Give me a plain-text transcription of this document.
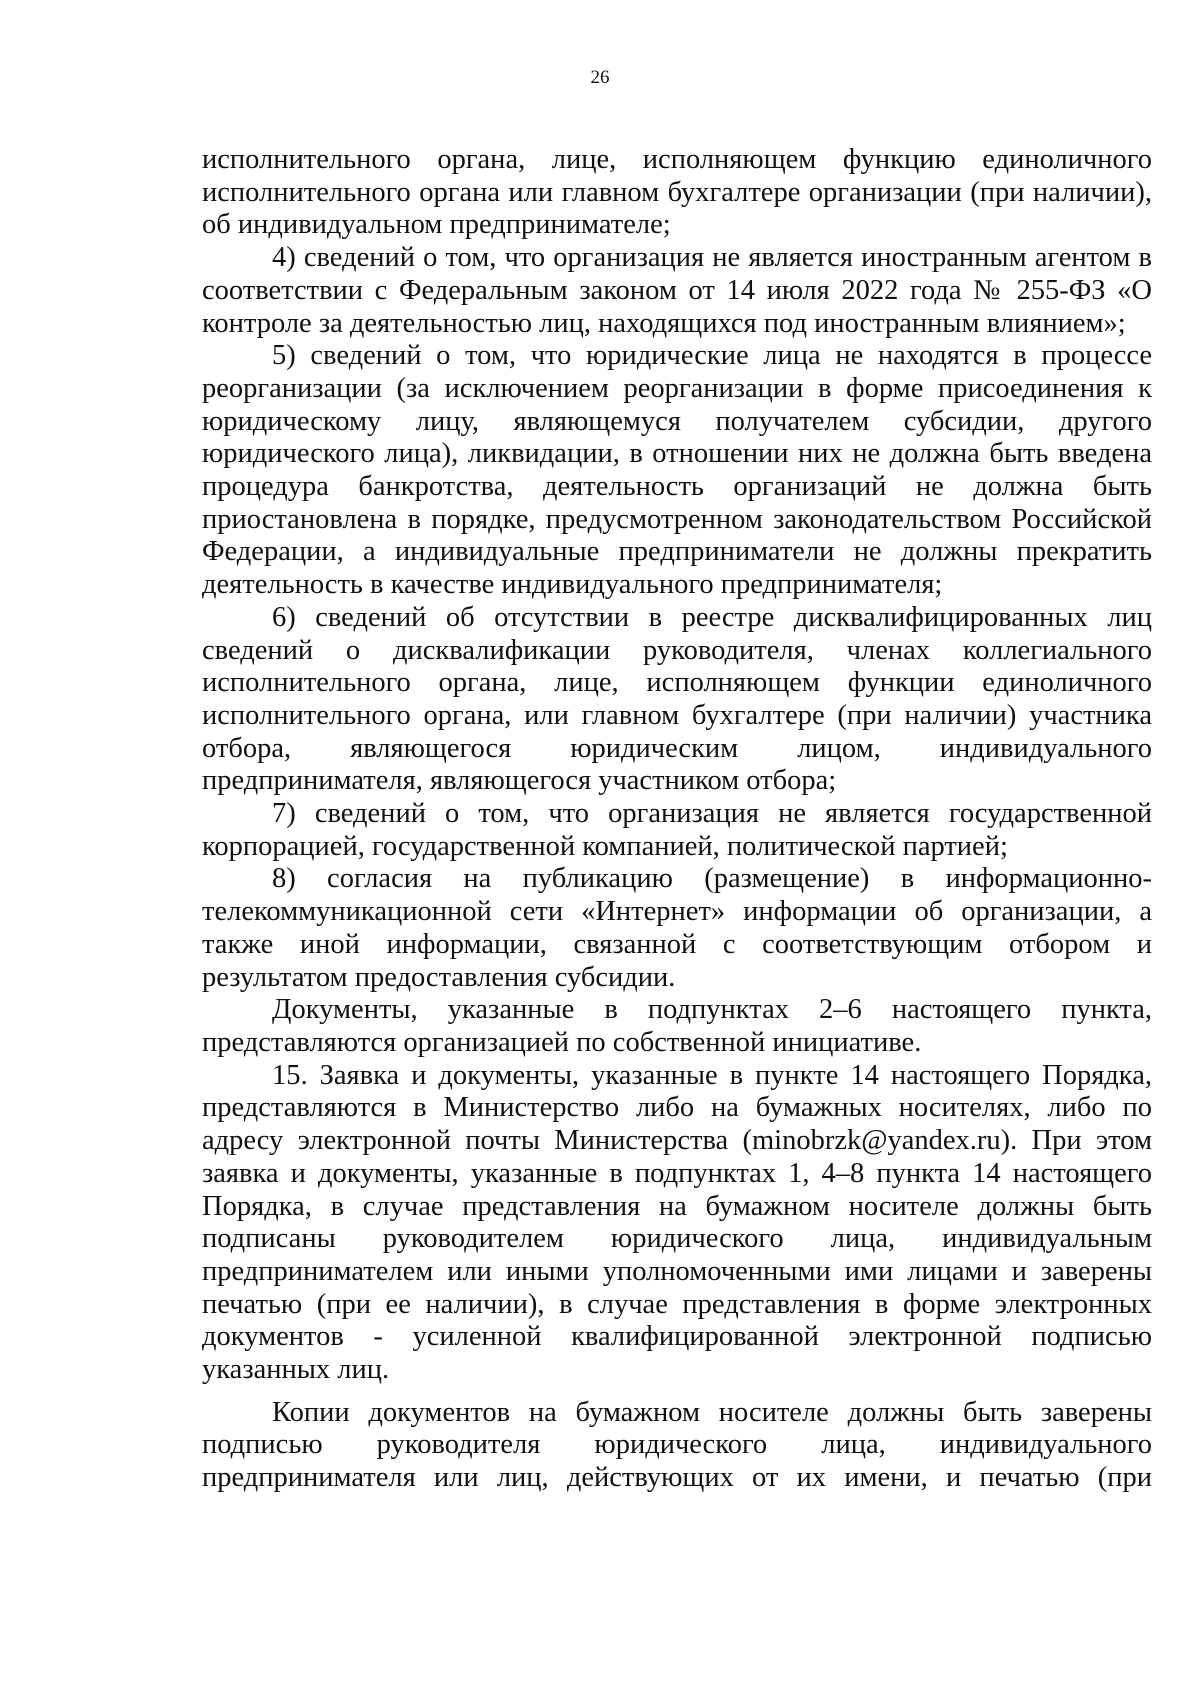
26

исполнительного органа, лице, исполняющем функцию единоличного исполнительного органа или главном бухгалтере организации (при наличии), об индивидуальном предпринимателе;

4) сведений о том, что организация не является иностранным агентом в соответствии с Федеральным законом от 14 июля 2022 года № 255-ФЗ «О контроле за деятельностью лиц, находящихся под иностранным влиянием»;

5) сведений о том, что юридические лица не находятся в процессе реорганизации (за исключением реорганизации в форме присоединения к юридическому лицу, являющемуся получателем субсидии, другого юридического лица), ликвидации, в отношении них не должна быть введена процедура банкротства, деятельность организаций не должна быть приостановлена в порядке, предусмотренном законодательством Российской Федерации, а индивидуальные предприниматели не должны прекратить деятельность в качестве индивидуального предпринимателя;

6) сведений об отсутствии в реестре дисквалифицированных лиц сведений о дисквалификации руководителя, членах коллегиального исполнительного органа, лице, исполняющем функции единоличного исполнительного органа, или главном бухгалтере (при наличии) участника отбора, являющегося юридическим лицом, индивидуального предпринимателя, являющегося участником отбора;

7) сведений о том, что организация не является государственной корпорацией, государственной компанией, политической партией;

8) согласия на публикацию (размещение) в информационно-телекоммуникационной сети «Интернет» информации об организации, а также иной информации, связанной с соответствующим отбором и результатом предоставления субсидии.

Документы, указанные в подпунктах 2–6 настоящего пункта, представляются организацией по собственной инициативе.

15. Заявка и документы, указанные в пункте 14 настоящего Порядка, представляются в Министерство либо на бумажных носителях, либо по адресу электронной почты Министерства (minobrzk@yandex.ru). При этом заявка и документы, указанные в подпунктах 1, 4–8 пункта 14 настоящего Порядка, в случае представления на бумажном носителе должны быть подписаны руководителем юридического лица, индивидуальным предпринимателем или иными уполномоченными ими лицами и заверены печатью (при ее наличии), в случае представления в форме электронных документов - усиленной квалифицированной электронной подписью указанных лиц.

Копии документов на бумажном носителе должны быть заверены подписью руководителя юридического лица, индивидуального предпринимателя или лиц, действующих от их имени, и печатью (при
